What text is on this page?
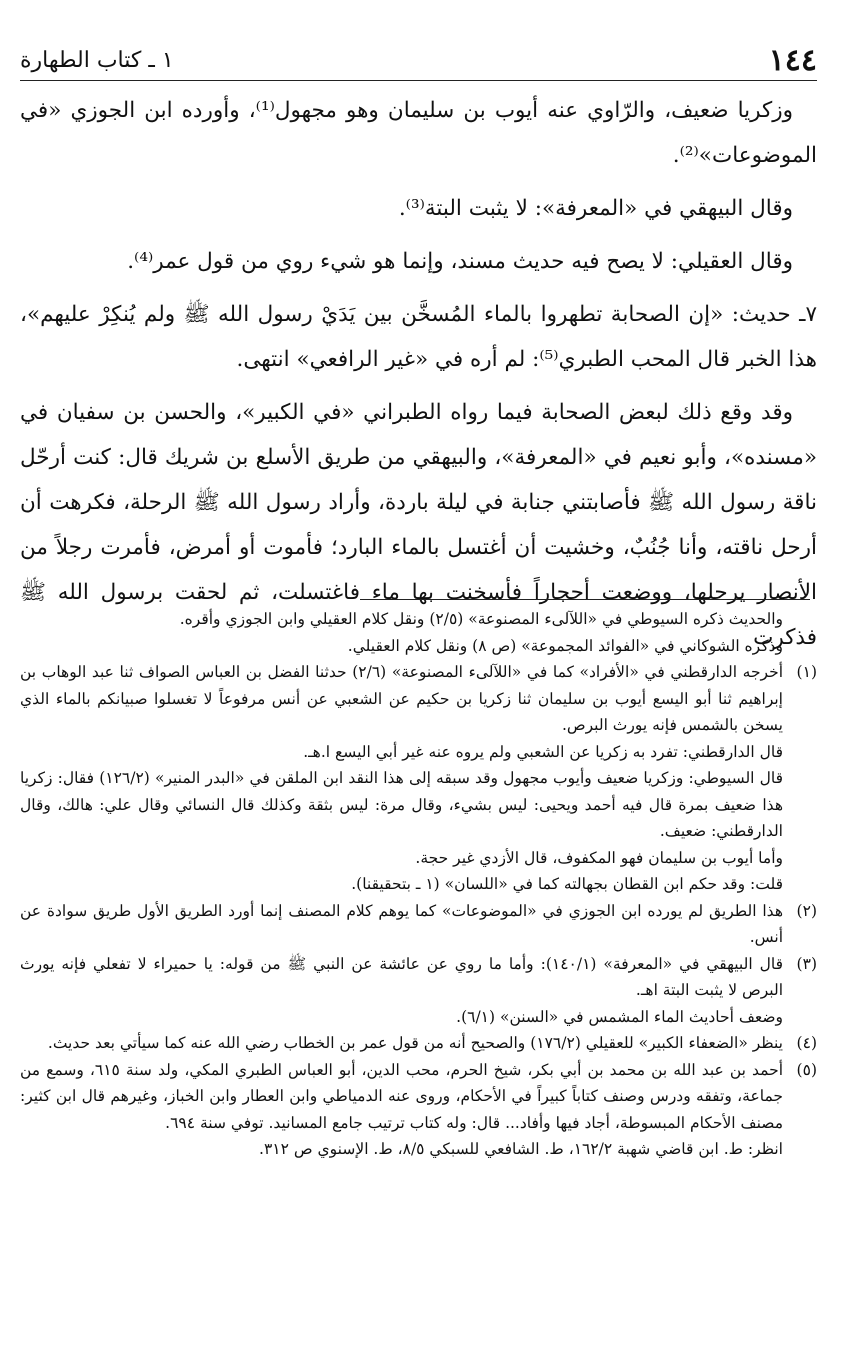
١٤٤
١ ـ كتاب الطهارة

وزكريا ضعيف، والرّاوي عنه أيوب بن سليمان وهو مجهول⁽¹⁾، وأورده ابن الجوزي «في الموضوعات»⁽²⁾.

وقال البيهقي في «المعرفة»: لا يثبت البتة⁽³⁾.

وقال العقيلي: لا يصح فيه حديث مسند، وإنما هو شيء روي من قول عمر⁽⁴⁾.

٧ـ حديث: «إن الصحابة تطهروا بالماء المُسخَّن بين يَدَيْ رسول الله ﷺ ولم يُنكِرْ عليهم»، هذا الخبر قال المحب الطبري⁽⁵⁾: لم أره في «غير الرافعي» انتهى.

وقد وقع ذلك لبعض الصحابة فيما رواه الطبراني «في الكبير»، والحسن بن سفيان في «مسنده»، وأبو نعيم في «المعرفة»، والبيهقي من طريق الأسلع بن شريك قال: كنت أرحّل ناقة رسول الله ﷺ فأصابتني جنابة في ليلة باردة، وأراد رسول الله ﷺ الرحلة، فكرهت أن أرحل ناقته، وأنا جُنُبٌ، وخشيت أن أغتسل بالماء البارد؛ فأموت أو أمرض، فأمرت رجلاً من الأنصار يرحلها، ووضعت أحجاراً فأسخنت بها ماء فاغتسلت، ثم لحقت برسول الله ﷺ فذكرت

والحديث ذكره السيوطي في «اللآلىء المصنوعة» (٢/٥) ونقل كلام العقيلي وابن الجوزي وأقره.
وذكره الشوكاني في «الفوائد المجموعة» (ص ٨) ونقل كلام العقيلي.
(١)
أخرجه الدارقطني في «الأفراد» كما في «اللآلىء المصنوعة» (٢/٦) حدثنا الفضل بن العباس الصواف ثنا عبد الوهاب بن إبراهيم ثنا أبو اليسع أيوب بن سليمان ثنا زكريا بن حكيم عن الشعبي عن أنس مرفوعاً لا تغسلوا صبيانكم بالماء الذي يسخن بالشمس فإنه يورث البرص.
قال الدارقطني: تفرد به زكريا عن الشعبي ولم يروه عنه غير أبي اليسع ا.هـ.
قال السيوطي: وزكريا ضعيف وأيوب مجهول وقد سبقه إلى هذا النقد ابن الملقن في «البدر المنير» (١٢٦/٢) فقال: زكريا هذا ضعيف بمرة قال فيه أحمد ويحيى: ليس بشيء، وقال مرة: ليس بثقة وكذلك قال النسائي وقال علي: هالك، وقال الدارقطني: ضعيف.
وأما أيوب بن سليمان فهو المكفوف، قال الأزدي غير حجة.
قلت: وقد حكم ابن القطان بجهالته كما في «اللسان» (١ ـ بتحقيقنا).
(٢)
هذا الطريق لم يورده ابن الجوزي في «الموضوعات» كما يوهم كلام المصنف إنما أورد الطريق الأول طريق سوادة عن أنس.
(٣)
قال البيهقي في «المعرفة» (١٤٠/١): وأما ما روي عن عائشة عن النبي ﷺ من قوله: يا حميراء لا تفعلي فإنه يورث البرص لا يثبت البتة اهـ.
وضعف أحاديث الماء المشمس في «السنن» (٦/١).
(٤)
ينظر «الضعفاء الكبير» للعقيلي (١٧٦/٢) والصحيح أنه من قول عمر بن الخطاب رضي الله عنه كما سيأتي بعد حديث.
(٥)
أحمد بن عبد الله بن محمد بن أبي بكر، شيخ الحرم، محب الدين، أبو العباس الطبري المكي، ولد سنة ٦١٥، وسمع من جماعة، وتفقه ودرس وصنف كتاباً كبيراً في الأحكام، وروى عنه الدمياطي وابن العطار وابن الخباز، وغيرهم قال ابن كثير: مصنف الأحكام المبسوطة، أجاد فيها وأفاد... قال: وله كتاب ترتيب جامع المسانيد. توفي سنة ٦٩٤.
انظر: ط. ابن قاضي شهبة ١٦٢/٢، ط. الشافعي للسبكي ٨/٥، ط. الإسنوي ص ٣١٢.
